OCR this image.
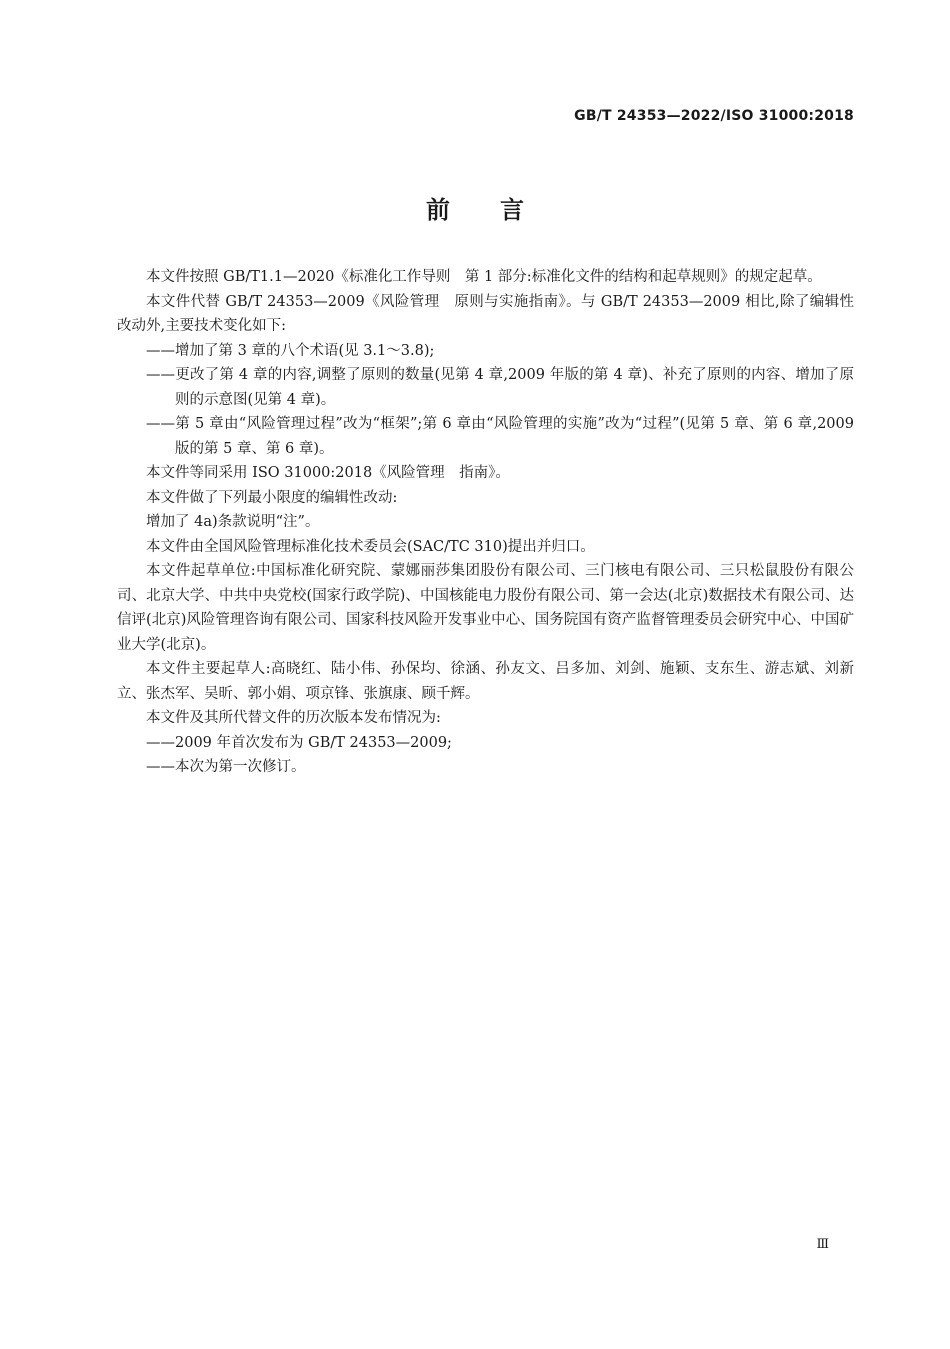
GB/T 24353—2022/ISO 31000:2018
前言

本文件按照 GB/T1.1—2020《标准化工作导则　第 1 部分:标准化文件的结构和起草规则》的规定起草。

本文件代替 GB/T 24353—2009《风险管理　原则与实施指南》。与 GB/T 24353—2009 相比,除了编辑性改动外,主要技术变化如下:

——增加了第 3 章的八个术语(见 3.1～3.8);

——更改了第 4 章的内容,调整了原则的数量(见第 4 章,2009 年版的第 4 章)、补充了原则的内容、增加了原则的示意图(见第 4 章)。

——第 5 章由“风险管理过程”改为“框架”;第 6 章由“风险管理的实施”改为“过程”(见第 5 章、第 6 章,2009 版的第 5 章、第 6 章)。

本文件等同采用 ISO 31000:2018《风险管理　指南》。

本文件做了下列最小限度的编辑性改动:

增加了 4a)条款说明“注”。

本文件由全国风险管理标准化技术委员会(SAC/TC 310)提出并归口。

本文件起草单位:中国标准化研究院、蒙娜丽莎集团股份有限公司、三门核电有限公司、三只松鼠股份有限公司、北京大学、中共中央党校(国家行政学院)、中国核能电力股份有限公司、第一会达(北京)数据技术有限公司、达信评(北京)风险管理咨询有限公司、国家科技风险开发事业中心、国务院国有资产监督管理委员会研究中心、中国矿业大学(北京)。

本文件主要起草人:高晓红、陆小伟、孙保均、徐涵、孙友文、吕多加、刘剑、施颖、支东生、游志斌、刘新立、张杰军、吴昕、郭小娟、项京锋、张旗康、顾千辉。

本文件及其所代替文件的历次版本发布情况为:

——2009 年首次发布为 GB/T 24353—2009;

——本次为第一次修订。

Ⅲ
